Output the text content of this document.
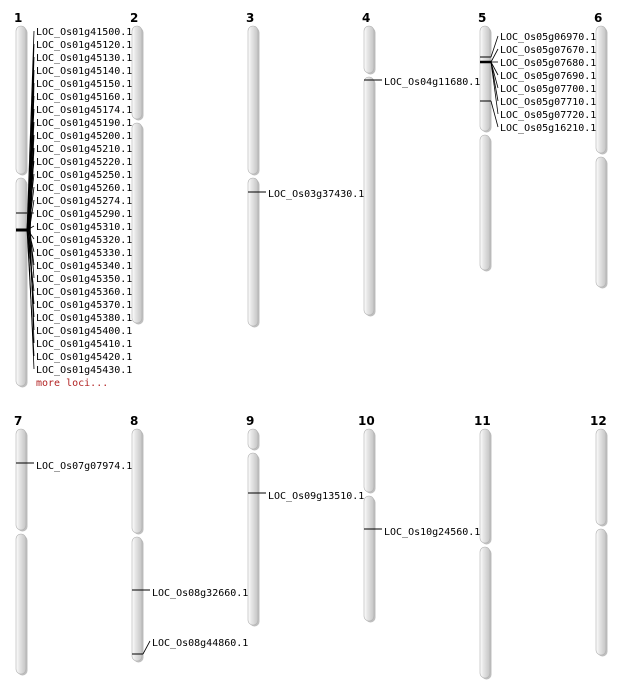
1	2	3	4	5	6
7	8	9	10	11	12
LOC_Os01g41500.1
LOC_Os01g45120.1
LOC_Os01g45130.1
LOC_Os01g45140.1
LOC_Os01g45150.1
LOC_Os01g45160.1
LOC_Os01g45174.1
LOC_Os01g45190.1
LOC_Os01g45200.1
LOC_Os01g45210.1
LOC_Os01g45220.1
LOC_Os01g45250.1
LOC_Os01g45260.1
LOC_Os01g45274.1
LOC_Os01g45290.1
LOC_Os01g45310.1
LOC_Os01g45320.1
LOC_Os01g45330.1
LOC_Os01g45340.1
LOC_Os01g45350.1
LOC_Os01g45360.1
LOC_Os01g45370.1
LOC_Os01g45380.1
LOC_Os01g45400.1
LOC_Os01g45410.1
LOC_Os01g45420.1
LOC_Os01g45430.1
more loci...
LOC_Os03g37430.1
LOC_Os04g11680.1
LOC_Os05g06970.1
LOC_Os05g07670.1
LOC_Os05g07680.1
LOC_Os05g07690.1
LOC_Os05g07700.1
LOC_Os05g07710.1
LOC_Os05g07720.1
LOC_Os05g16210.1
LOC_Os07g07974.1
LOC_Os08g32660.1
LOC_Os08g44860.1
LOC_Os09g13510.1
LOC_Os10g24560.1
